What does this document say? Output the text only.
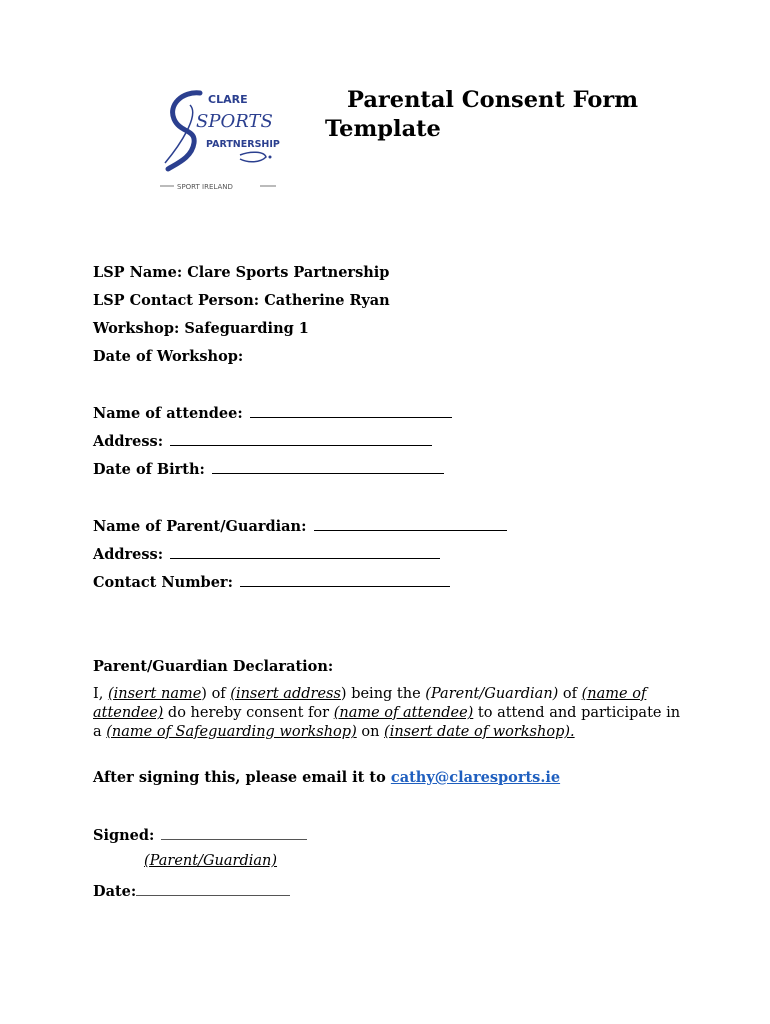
CLARE
SPORTS
PARTNERSHIP
SPORT IRELAND
Parental Consent Form Template
LSP Name: Clare Sports Partnership
LSP Contact Person: Catherine Ryan
Workshop: Safeguarding 1
Date of Workshop:
Name of attendee:
Address:
Date of Birth:
Name of Parent/Guardian:
Address:
Contact Number:
Parent/Guardian Declaration:
I, (insert name) of (insert address) being the (Parent/Guardian) of (name of attendee) do hereby consent for (name of attendee) to attend and participate in a (name of Safeguarding workshop) on (insert date of workshop).
After signing this, please email it to cathy@claresports.ie
Signed:
(Parent/Guardian)
Date:
